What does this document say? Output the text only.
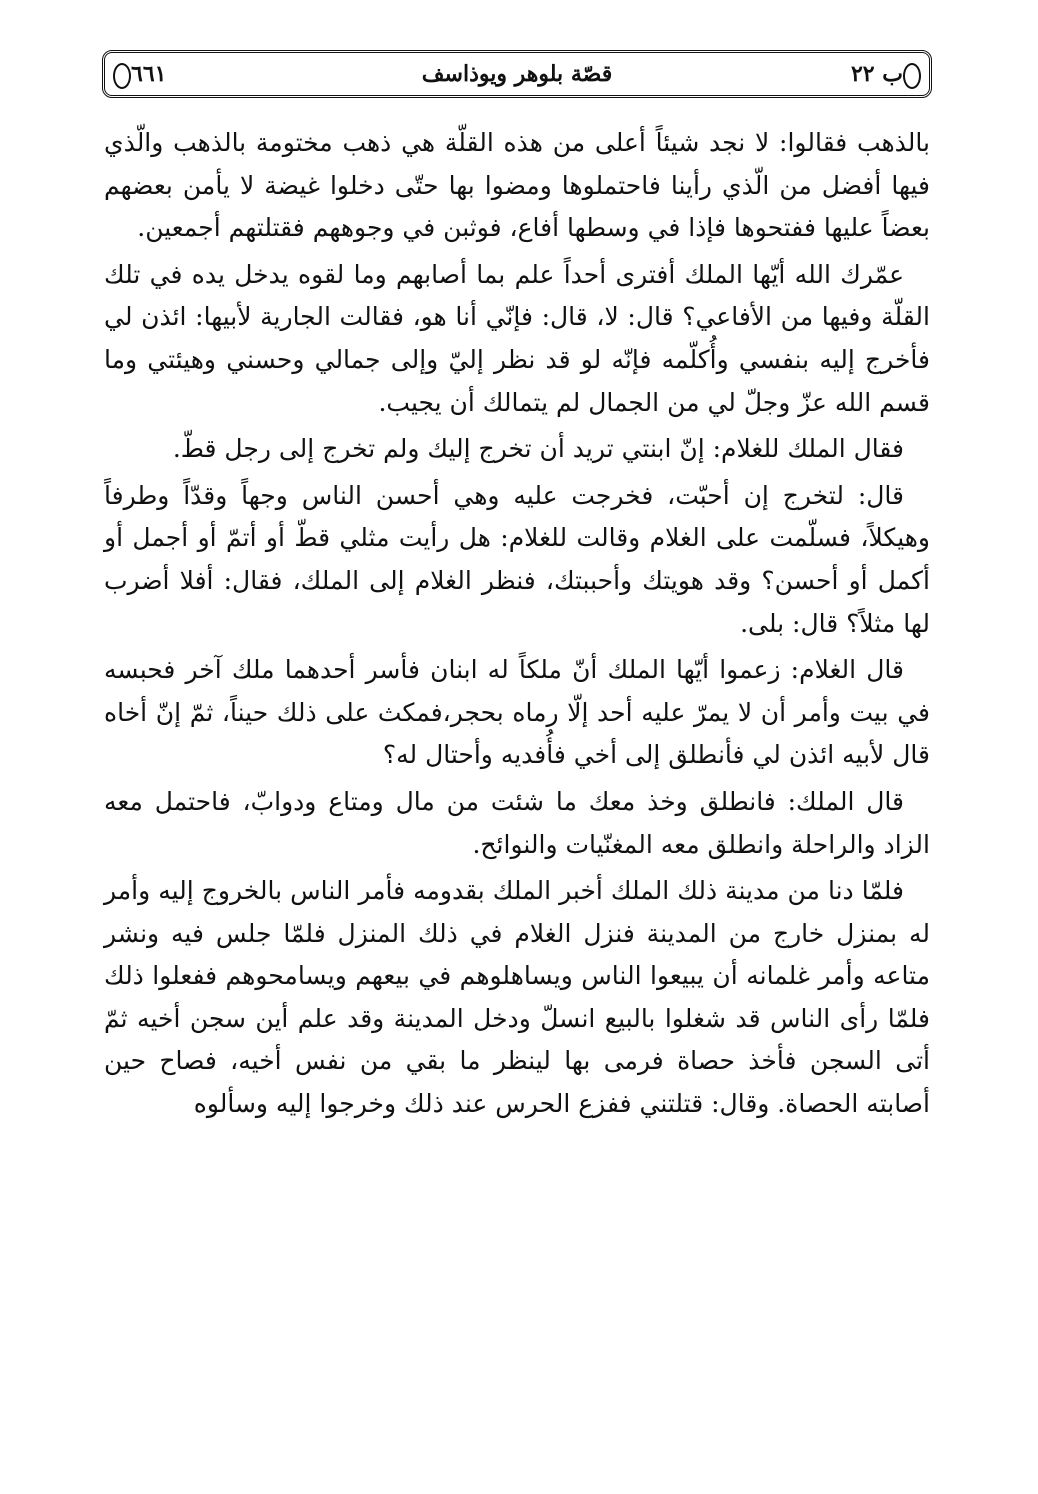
ب ٢٢
قصّة بلوهر ويوذاسف
٦٦١

بالذهب فقالوا: لا نجد شيئاً أعلى من هذه القلّة هي ذهب مختومة بالذهب والّذي فيها أفضل من الّذي رأينا فاحتملوها ومضوا بها حتّى دخلوا غيضة لا يأمن بعضهم بعضاً عليها ففتحوها فإذا في وسطها أفاع، فوثبن في وجوههم فقتلتهم أجمعين.

عمّرك الله أيّها الملك أفترى أحداً علم بما أصابهم وما لقوه يدخل يده في تلك القلّة وفيها من الأفاعي؟ قال: لا، قال: فإنّي أنا هو، فقالت الجارية لأبيها: ائذن لي فأخرج إليه بنفسي وأُكلّمه فإنّه لو قد نظر إليّ وإلى جمالي وحسني وهيئتي وما قسم الله عزّ وجلّ لي من الجمال لم يتمالك أن يجيب.

فقال الملك للغلام: إنّ ابنتي تريد أن تخرج إليك ولم تخرج إلى رجل قطّ.

قال: لتخرج إن أحبّت، فخرجت عليه وهي أحسن الناس وجهاً وقدّاً وطرفاً وهيكلاً، فسلّمت على الغلام وقالت للغلام: هل رأيت مثلي قطّ أو أتمّ أو أجمل أو أكمل أو أحسن؟ وقد هويتك وأحببتك، فنظر الغلام إلى الملك، فقال: أفلا أضرب لها مثلاً؟ قال: بلى.

قال الغلام: زعموا أيّها الملك أنّ ملكاً له ابنان فأسر أحدهما ملك آخر فحبسه في بيت وأمر أن لا يمرّ عليه أحد إلّا رماه بحجر،فمكث على ذلك حيناً، ثمّ إنّ أخاه قال لأبيه ائذن لي فأنطلق إلى أخي فأُفديه وأحتال له؟

قال الملك: فانطلق وخذ معك ما شئت من مال ومتاع ودوابّ، فاحتمل معه الزاد والراحلة وانطلق معه المغنّيات والنوائح.

فلمّا دنا من مدينة ذلك الملك أخبر الملك بقدومه فأمر الناس بالخروج إليه وأمر له بمنزل خارج من المدينة فنزل الغلام في ذلك المنزل فلمّا جلس فيه ونشر متاعه وأمر غلمانه أن يبيعوا الناس ويساهلوهم في بيعهم ويسامحوهم ففعلوا ذلك فلمّا رأى الناس قد شغلوا بالبيع انسلّ ودخل المدينة وقد علم أين سجن أخيه ثمّ أتى السجن فأخذ حصاة فرمى بها لينظر ما بقي من نفس أخيه، فصاح حين أصابته الحصاة. وقال: قتلتني ففزع الحرس عند ذلك وخرجوا إليه وسألوه
